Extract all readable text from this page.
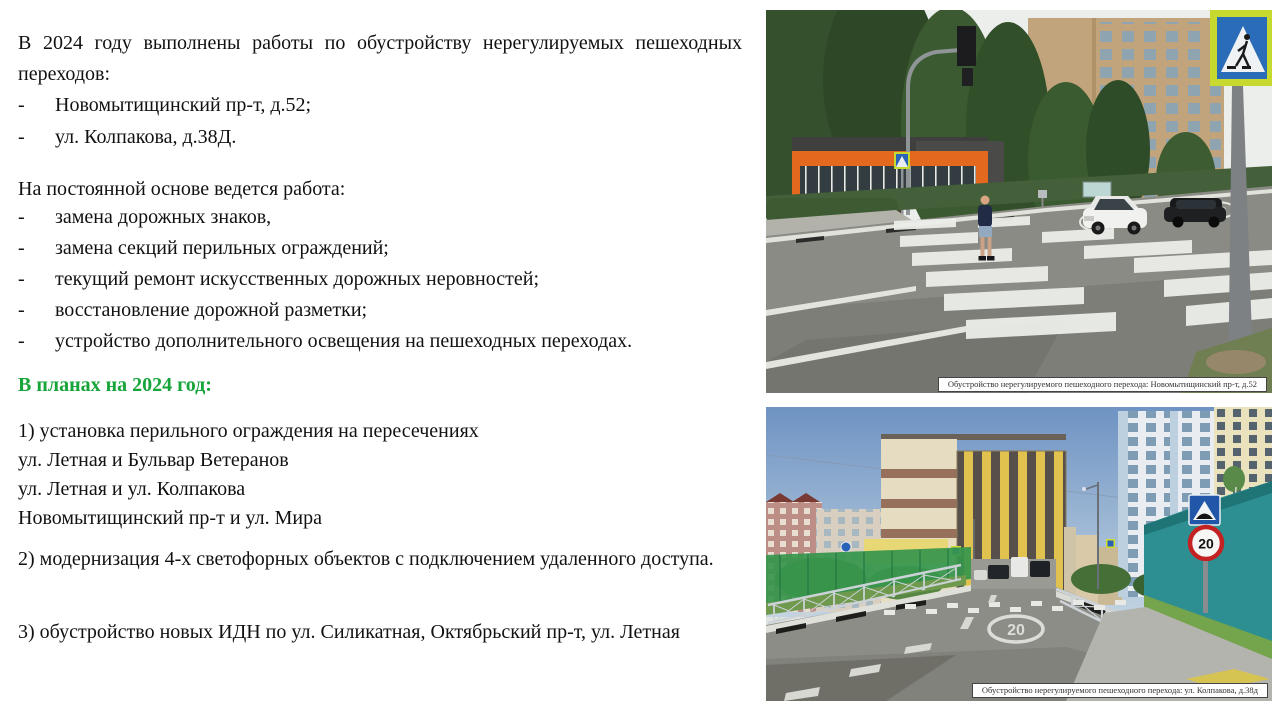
В 2024 году выполнены работы по обустройству нерегулируемых пешеходных переходов:
-	Новомытищинский пр-т, д.52;
-	ул. Колпакова, д.38Д.
На постоянной основе ведется работа:
-	замена дорожных знаков,
-	замена секций перильных ограждений;
-	текущий ремонт искусственных дорожных неровностей;
-	восстановление дорожной разметки;
-	устройство дополнительного освещения на пешеходных переходах.
В планах на 2024 год:
1) установка перильного ограждения на пересечениях
ул. Летная и Бульвар Ветеранов
ул. Летная и ул. Колпакова
Новомытищинский пр-т и ул. Мира
2) модернизация 4-х светофорных объектов с подключением удаленного доступа.
3) обустройство новых ИДН по ул. Силикатная, Октябрьский пр-т, ул. Летная
Обустройство нерегулируемого пешеходного перехода: Новомытищинский пр-т, д.52
20
20
Обустройство нерегулируемого пешеходного перехода: ул. Колпакова, д.38д
